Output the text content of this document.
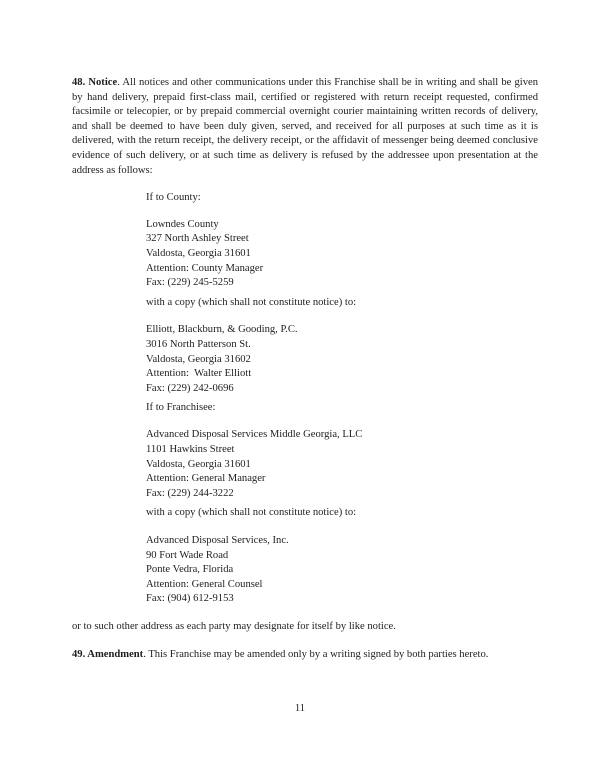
48. Notice. All notices and other communications under this Franchise shall be in writing and shall be given by hand delivery, prepaid first-class mail, certified or registered with return receipt requested, confirmed facsimile or telecopier, or by prepaid commercial overnight courier maintaining written records of delivery, and shall be deemed to have been duly given, served, and received for all purposes at such time as it is delivered, with the return receipt, the delivery receipt, or the affidavit of messenger being deemed conclusive evidence of such delivery, or at such time as delivery is refused by the addressee upon presentation at the address as follows:

If to County:
Lowndes County
327 North Ashley Street
Valdosta, Georgia 31601
Attention: County Manager
Fax: (229) 245-5259
with a copy (which shall not constitute notice) to:
Elliott, Blackburn, & Gooding, P.C.
3016 North Patterson St.
Valdosta, Georgia 31602
Attention:  Walter Elliott
Fax: (229) 242-0696
If to Franchisee:
Advanced Disposal Services Middle Georgia, LLC
1101 Hawkins Street
Valdosta, Georgia 31601
Attention: General Manager
Fax: (229) 244-3222
with a copy (which shall not constitute notice) to:
Advanced Disposal Services, Inc.
90 Fort Wade Road
Ponte Vedra, Florida
Attention: General Counsel
Fax: (904) 612-9153

or to such other address as each party may designate for itself by like notice.

49. Amendment. This Franchise may be amended only by a writing signed by both parties hereto.

11
